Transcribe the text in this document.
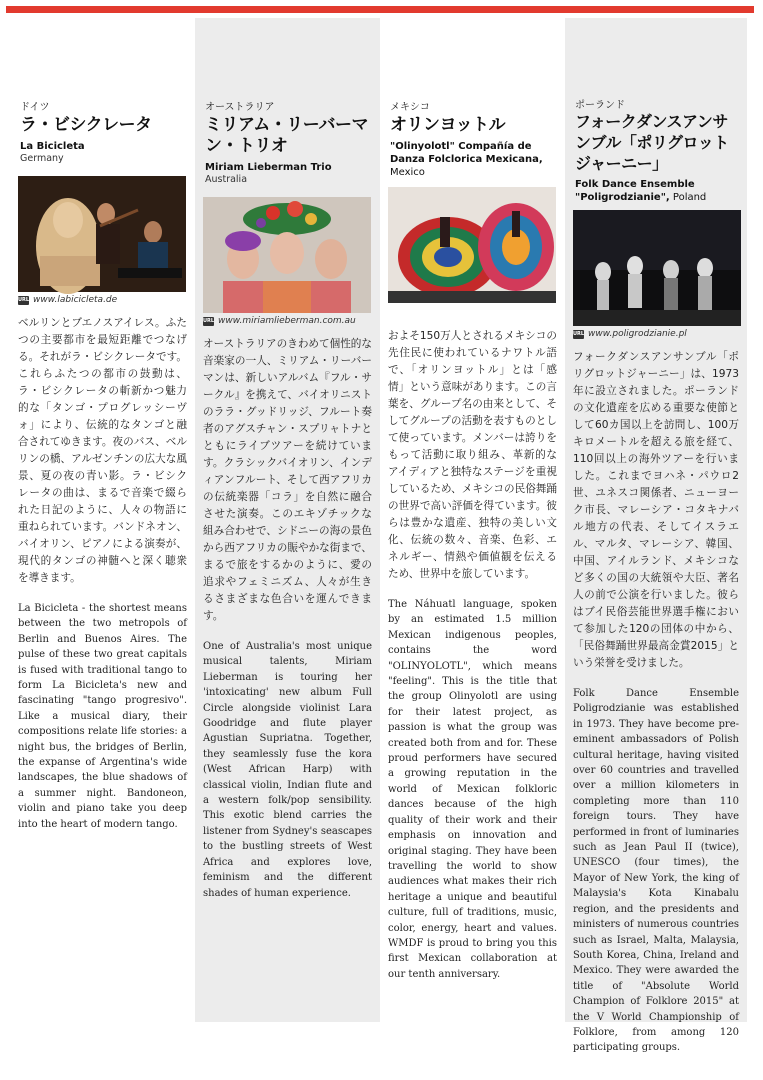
ドイツ
ラ・ビシクレータ
La Bicicleta
Germany
URL www.labicicleta.de

ベルリンとブエノスアイレス。ふたつの主要都市を最短距離でつなげる。それがラ・ビシクレータです。これらふたつの都市の鼓動は、ラ・ビシクレータの斬新かつ魅力的な「タンゴ・プログレッシーヴォ」により、伝統的なタンゴと融合されてゆきます。夜のバス、ベルリンの橋、アルゼンチンの広大な風景、夏の夜の青い影。ラ・ビシクレータの曲は、まるで音楽で綴られた日記のように、人々の物語に重ねられています。バンドネオン、バイオリン、ピアノによる演奏が、現代的タンゴの神髄へと深く聴衆を導きます。

La Bicicleta - the shortest means between the two metropols of Berlin and Buenos Aires. The pulse of these two great capitals is fused with traditional tango to form La Bicicleta's new and fascinating "tango progresivo". Like a musical diary, their compositions relate life stories: a night bus, the bridges of Berlin, the expanse of Argentina's wide landscapes, the blue shadows of a summer night. Bandoneon, violin and piano take you deep into the heart of modern tango.

オーストラリア
ミリアム・リーバーマン・トリオ
Miriam Lieberman Trio
Australia
URL www.miriamlieberman.com.au

オーストラリアのきわめて個性的な音楽家の一人、ミリアム・リーバーマンは、新しいアルバム『フル・サークル』を携えて、バイオリニストのララ・グッドリッジ、フルート奏者のアグスチャン・スプリャトナとともにライブツアーを続けています。クラシックバイオリン、インディアンフルート、そして西アフリカの伝統楽器「コラ」を自然に融合させた演奏。このエキゾチックな組み合わせで、シドニーの海の景色から西アフリカの賑やかな街まで、まるで旅をするかのように、愛の追求やフェミニズム、人々が生きるさまざまな色合いを運んできます。

One of Australia's most unique musical talents, Miriam Lieberman is touring her 'intoxicating' new album Full Circle alongside violinist Lara Goodridge and flute player Agustian Supriatna. Together, they seamlessly fuse the kora (West African Harp) with classical violin, Indian flute and a western folk/pop sensibility. This exotic blend carries the listener from Sydney's seascapes to the bustling streets of West Africa and explores love, feminism and the different shades of human experience.

メキシコ
オリンヨットル
"Olinyolotl" Compañía de Danza Folclorica Mexicana, Mexico

およそ150万人とされるメキシコの先住民に使われているナワトル語で、「オリンヨットル」とは「感情」という意味があります。この言葉を、グループ名の由来として、そしてグループの活動を表すものとして使っています。メンバーは誇りをもって活動に取り組み、革新的なアイディアと独特なステージを重視しているため、メキシコの民俗舞踊の世界で高い評価を得ています。彼らは豊かな遺産、独特の美しい文化、伝統の数々、音楽、色彩、エネルギー、情熱や価値観を伝えるため、世界中を旅しています。

The Náhuatl language, spoken by an estimated 1.5 million Mexican indigenous peoples, contains the word "OLINYOLOTL", which means "feeling". This is the title that the group Olinyolotl are using for their latest project, as passion is what the group was created both from and for. These proud performers have secured a growing reputation in the world of Mexican folkloric dances because of the high quality of their work and their emphasis on innovation and original staging. They have been travelling the world to show audiences what makes their rich heritage a unique and beautiful culture, full of traditions, music, color, energy, heart and values. WMDF is proud to bring you this first Mexican collaboration at our tenth anniversary.

ポーランド
フォークダンスアンサンブル「ポリグロットジャーニー」
Folk Dance Ensemble "Poligrodzianie", Poland
URL www.poligrodzianie.pl

フォークダンスアンサンブル「ポリグロットジャーニー」は、1973年に設立されました。ポーランドの文化遺産を広める重要な使節として60カ国以上を訪問し、100万キロメートルを超える旅を経て、110回以上の海外ツアーを行いました。これまでヨハネ・パウロ2世、ユネスコ関係者、ニューヨーク市長、マレーシア・コタキナバル地方の代表、そしてイスラエル、マルタ、マレーシア、韓国、中国、アイルランド、メキシコなど多くの国の大統領や大臣、著名人の前で公演を行いました。彼らはブイ民俗芸能世界選手権において参加した120の団体の中から、「民俗舞踊世界最高金賞2015」という栄誉を受けました。

Folk Dance Ensemble Poligrodzianie was established in 1973. They have become pre-eminent ambassadors of Polish cultural heritage, having visited over 60 countries and travelled over a million kilometers in completing more than 110 foreign tours. They have performed in front of luminaries such as Jean Paul II (twice), UNESCO (four times), the Mayor of New York, the king of Malaysia's Kota Kinabalu region, and the presidents and ministers of numerous countries such as Israel, Malta, Malaysia, South Korea, China, Ireland and Mexico. They were awarded the title of "Absolute World Champion of Folklore 2015" at the V World Championship of Folklore, from among 120 participating groups.
